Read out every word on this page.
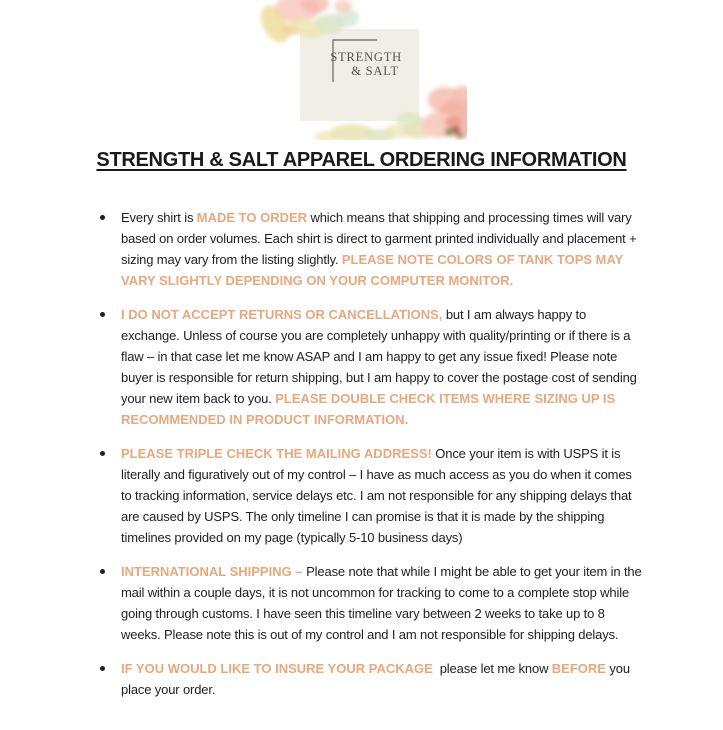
STRENGTH
& SALT
STRENGTH & SALT APPAREL ORDERING INFORMATION
Every shirt is MADE TO ORDER which means that shipping and processing times will vary based on order volumes. Each shirt is direct to garment printed individually and placement + sizing may vary from the listing slightly. PLEASE NOTE COLORS OF TANK TOPS MAY VARY SLIGHTLY DEPENDING ON YOUR COMPUTER MONITOR.
I DO NOT ACCEPT RETURNS OR CANCELLATIONS, but I am always happy to exchange. Unless of course you are completely unhappy with quality/printing or if there is a flaw – in that case let me know ASAP and I am happy to get any issue fixed! Please note buyer is responsible for return shipping, but I am happy to cover the postage cost of sending your new item back to you. PLEASE DOUBLE CHECK ITEMS WHERE SIZING UP IS RECOMMENDED IN PRODUCT INFORMATION.
PLEASE TRIPLE CHECK THE MAILING ADDRESS! Once your item is with USPS it is literally and figuratively out of my control – I have as much access as you do when it comes to tracking information, service delays etc. I am not responsible for any shipping delays that are caused by USPS. The only timeline I can promise is that it is made by the shipping timelines provided on my page (typically 5-10 business days)
INTERNATIONAL SHIPPING – Please note that while I might be able to get your item in the mail within a couple days, it is not uncommon for tracking to come to a complete stop while going through customs. I have seen this timeline vary between 2 weeks to take up to 8 weeks. Please note this is out of my control and I am not responsible for shipping delays.
IF YOU WOULD LIKE TO INSURE YOUR PACKAGE  please let me know BEFORE you place your order.
